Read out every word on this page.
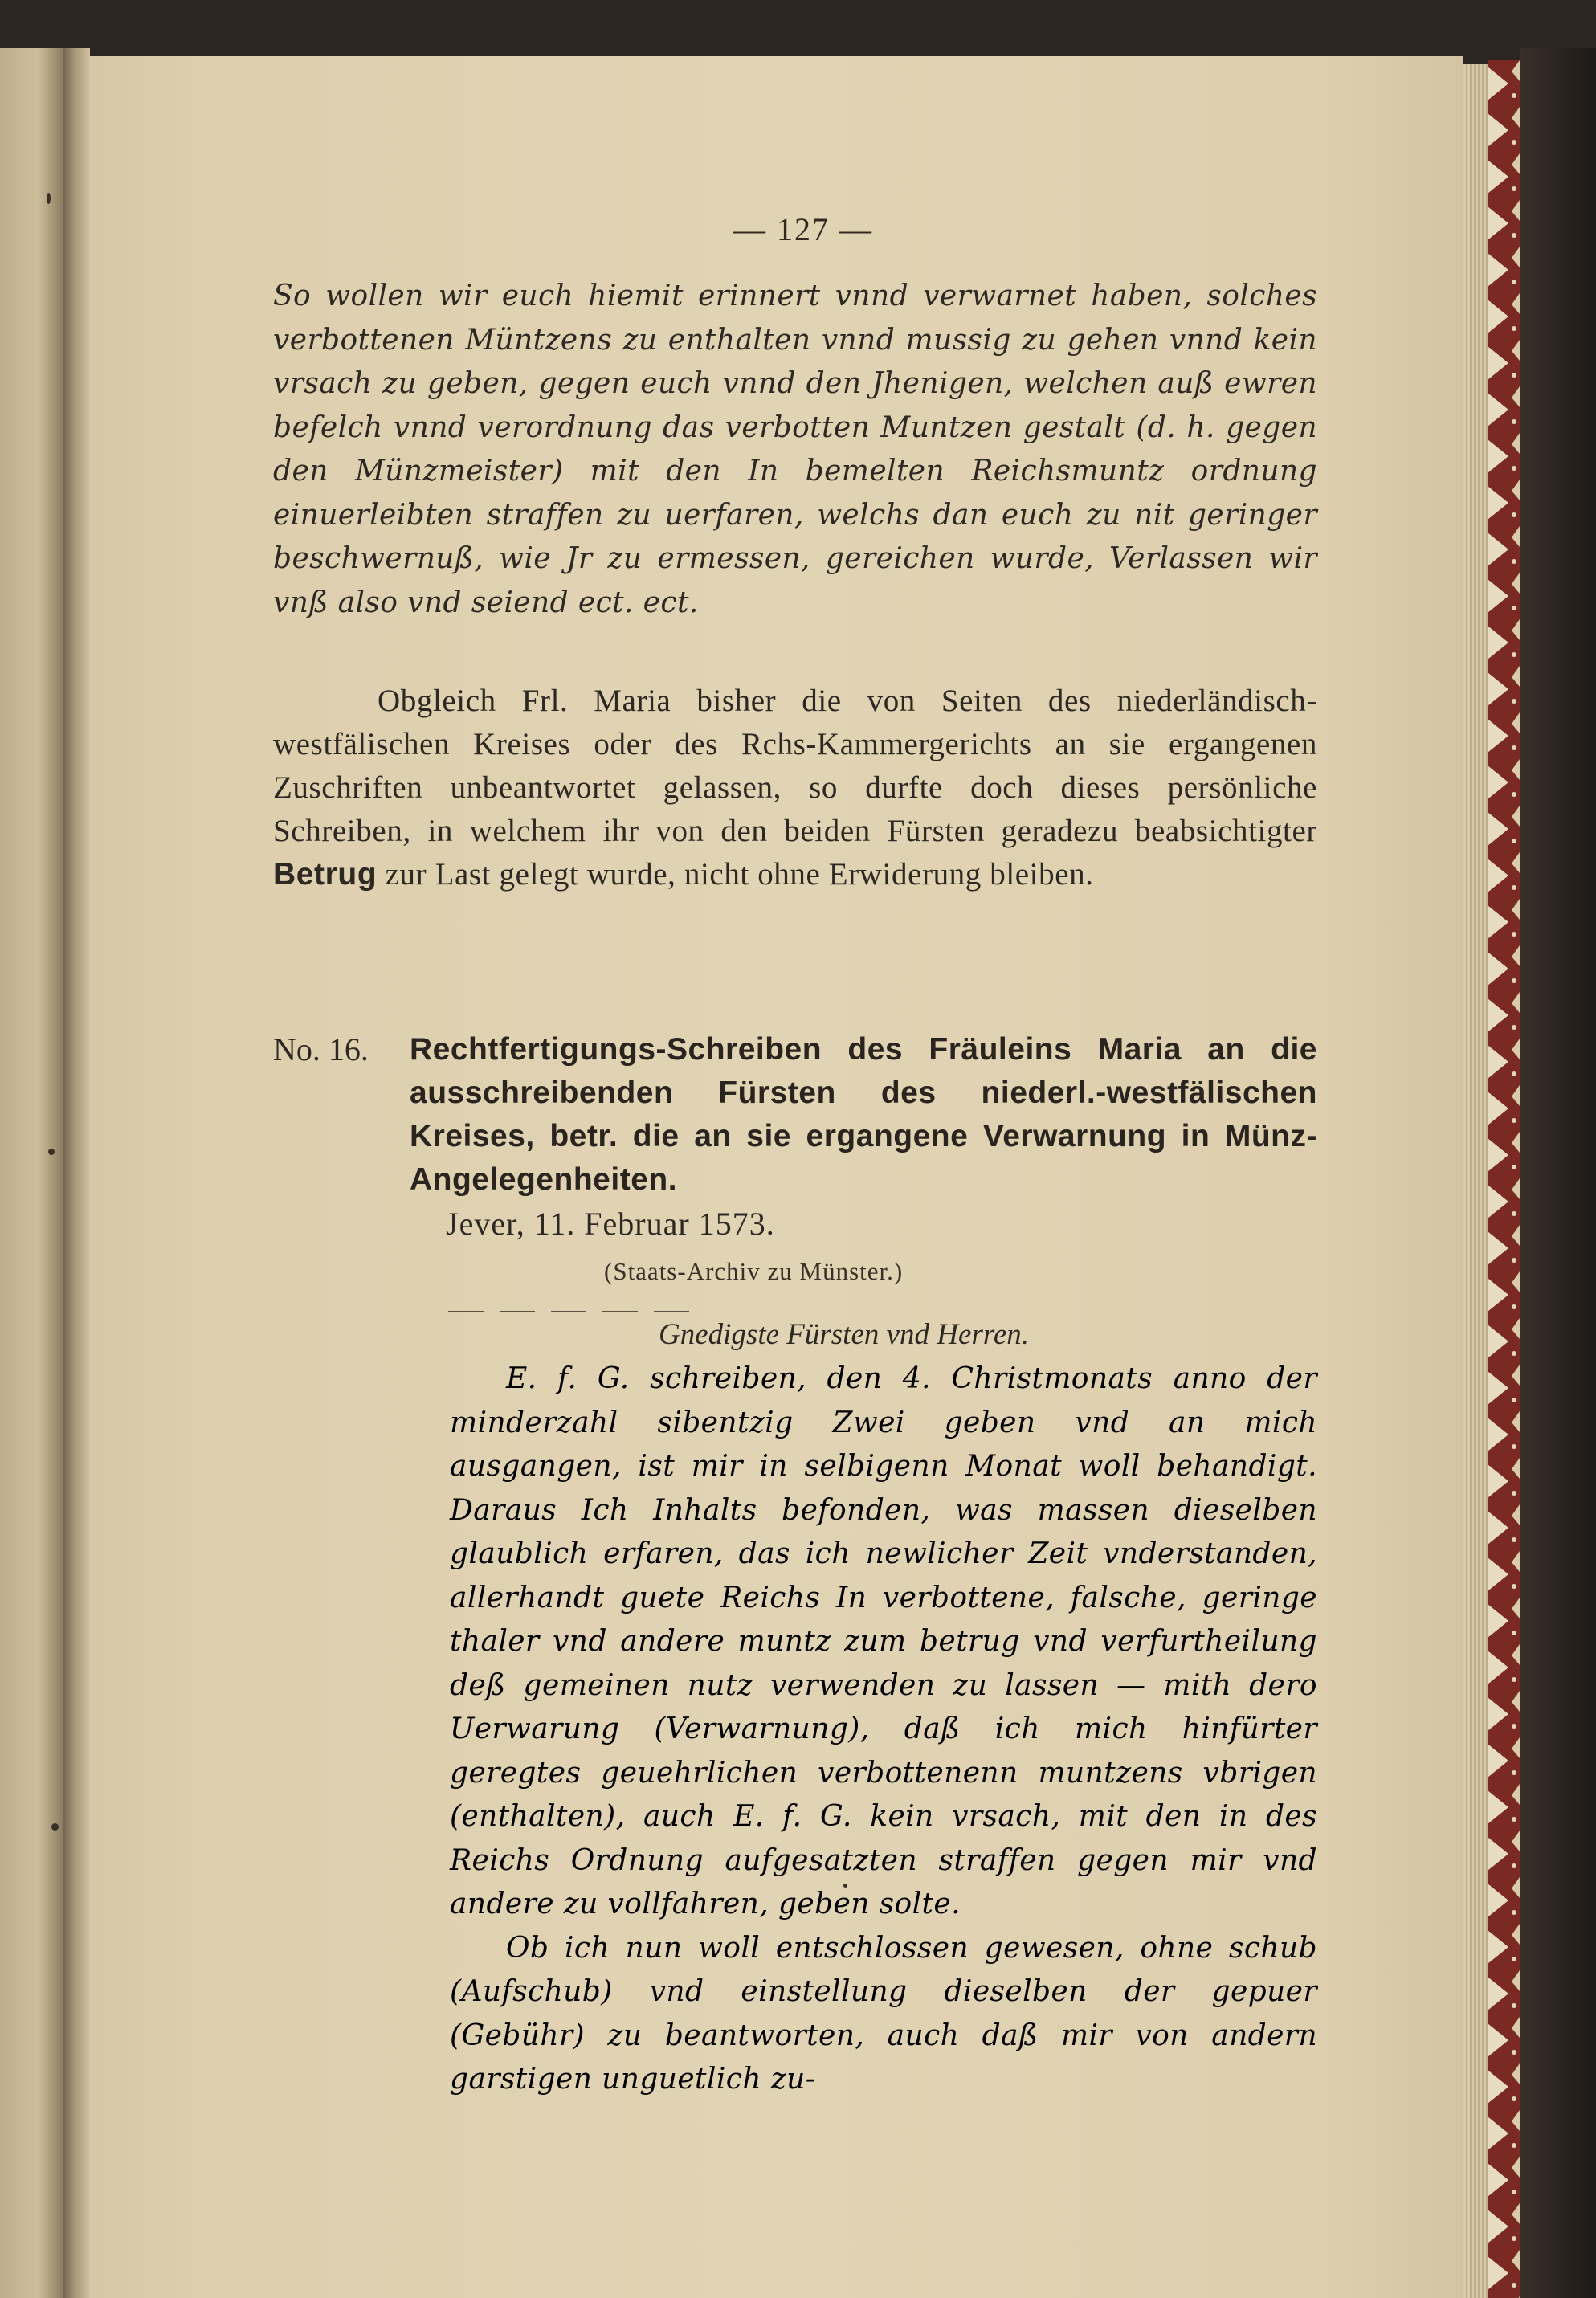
— 127 —

So wollen wir euch hiemit erinnert vnnd verwarnet haben, solches verbottenen Müntzens zu enthalten vnnd mussig zu gehen vnnd kein vrsach zu geben, gegen euch vnnd den Jhenigen, welchen auß ewren befelch vnnd verordnung das verbotten Muntzen gestalt (d. h. gegen den Münzmeister) mit den In bemelten Reichsmuntz ordnung einuerleibten straffen zu uerfaren, welchs dan euch zu nit geringer beschwernuß, wie Jr zu ermessen, gereichen wurde, Verlassen wir vnß also vnd seiend ect. ect.

Obgleich Frl. Maria bisher die von Seiten des niederländisch-westfälischen Kreises oder des Rchs-Kammergerichts an sie ergangenen Zuschriften unbeantwortet gelassen, so durfte doch dieses persönliche Schreiben, in welchem ihr von den beiden Fürsten geradezu beabsichtigter Betrug zur Last gelegt wurde, nicht ohne Erwiderung bleiben.

No. 16.	Rechtfertigungs-Schreiben des Fräuleins Maria an die ausschreibenden Fürsten des niederl.-westfälischen Kreises, betr. die an sie ergangene Verwarnung in Münz-Angelegenheiten.
Jever, 11. Februar 1573.
(Staats-Archiv zu Münster.)
Gnedigste Fürsten vnd Herren.

E. f. G. schreiben, den 4. Christmonats anno der minderzahl sibentzig Zwei geben vnd an mich ausgangen, ist mir in selbigenn Monat woll behandigt. Daraus Ich Inhalts befonden, was massen dieselben glaublich erfaren, das ich newlicher Zeit vnderstanden, allerhandt guete Reichs In verbottene, falsche, geringe thaler vnd andere muntz zum betrug vnd verfurtheilung deß gemeinen nutz verwenden zu lassen — mith dero Uerwarung (Verwarnung), daß ich mich hinfürter geregtes geuehrlichen verbottenenn muntzens vbrigen (enthalten), auch E. f. G. kein vrsach, mit den in des Reichs Ordnung aufgesatzten straffen gegen mir vnd andere zu vollfahren, geben solte.

Ob ich nun woll entschlossen gewesen, ohne schub (Aufschub) vnd einstellung dieselben der gepuer (Gebühr) zu beantworten, auch daß mir von andern garstigen unguetlich zu-
